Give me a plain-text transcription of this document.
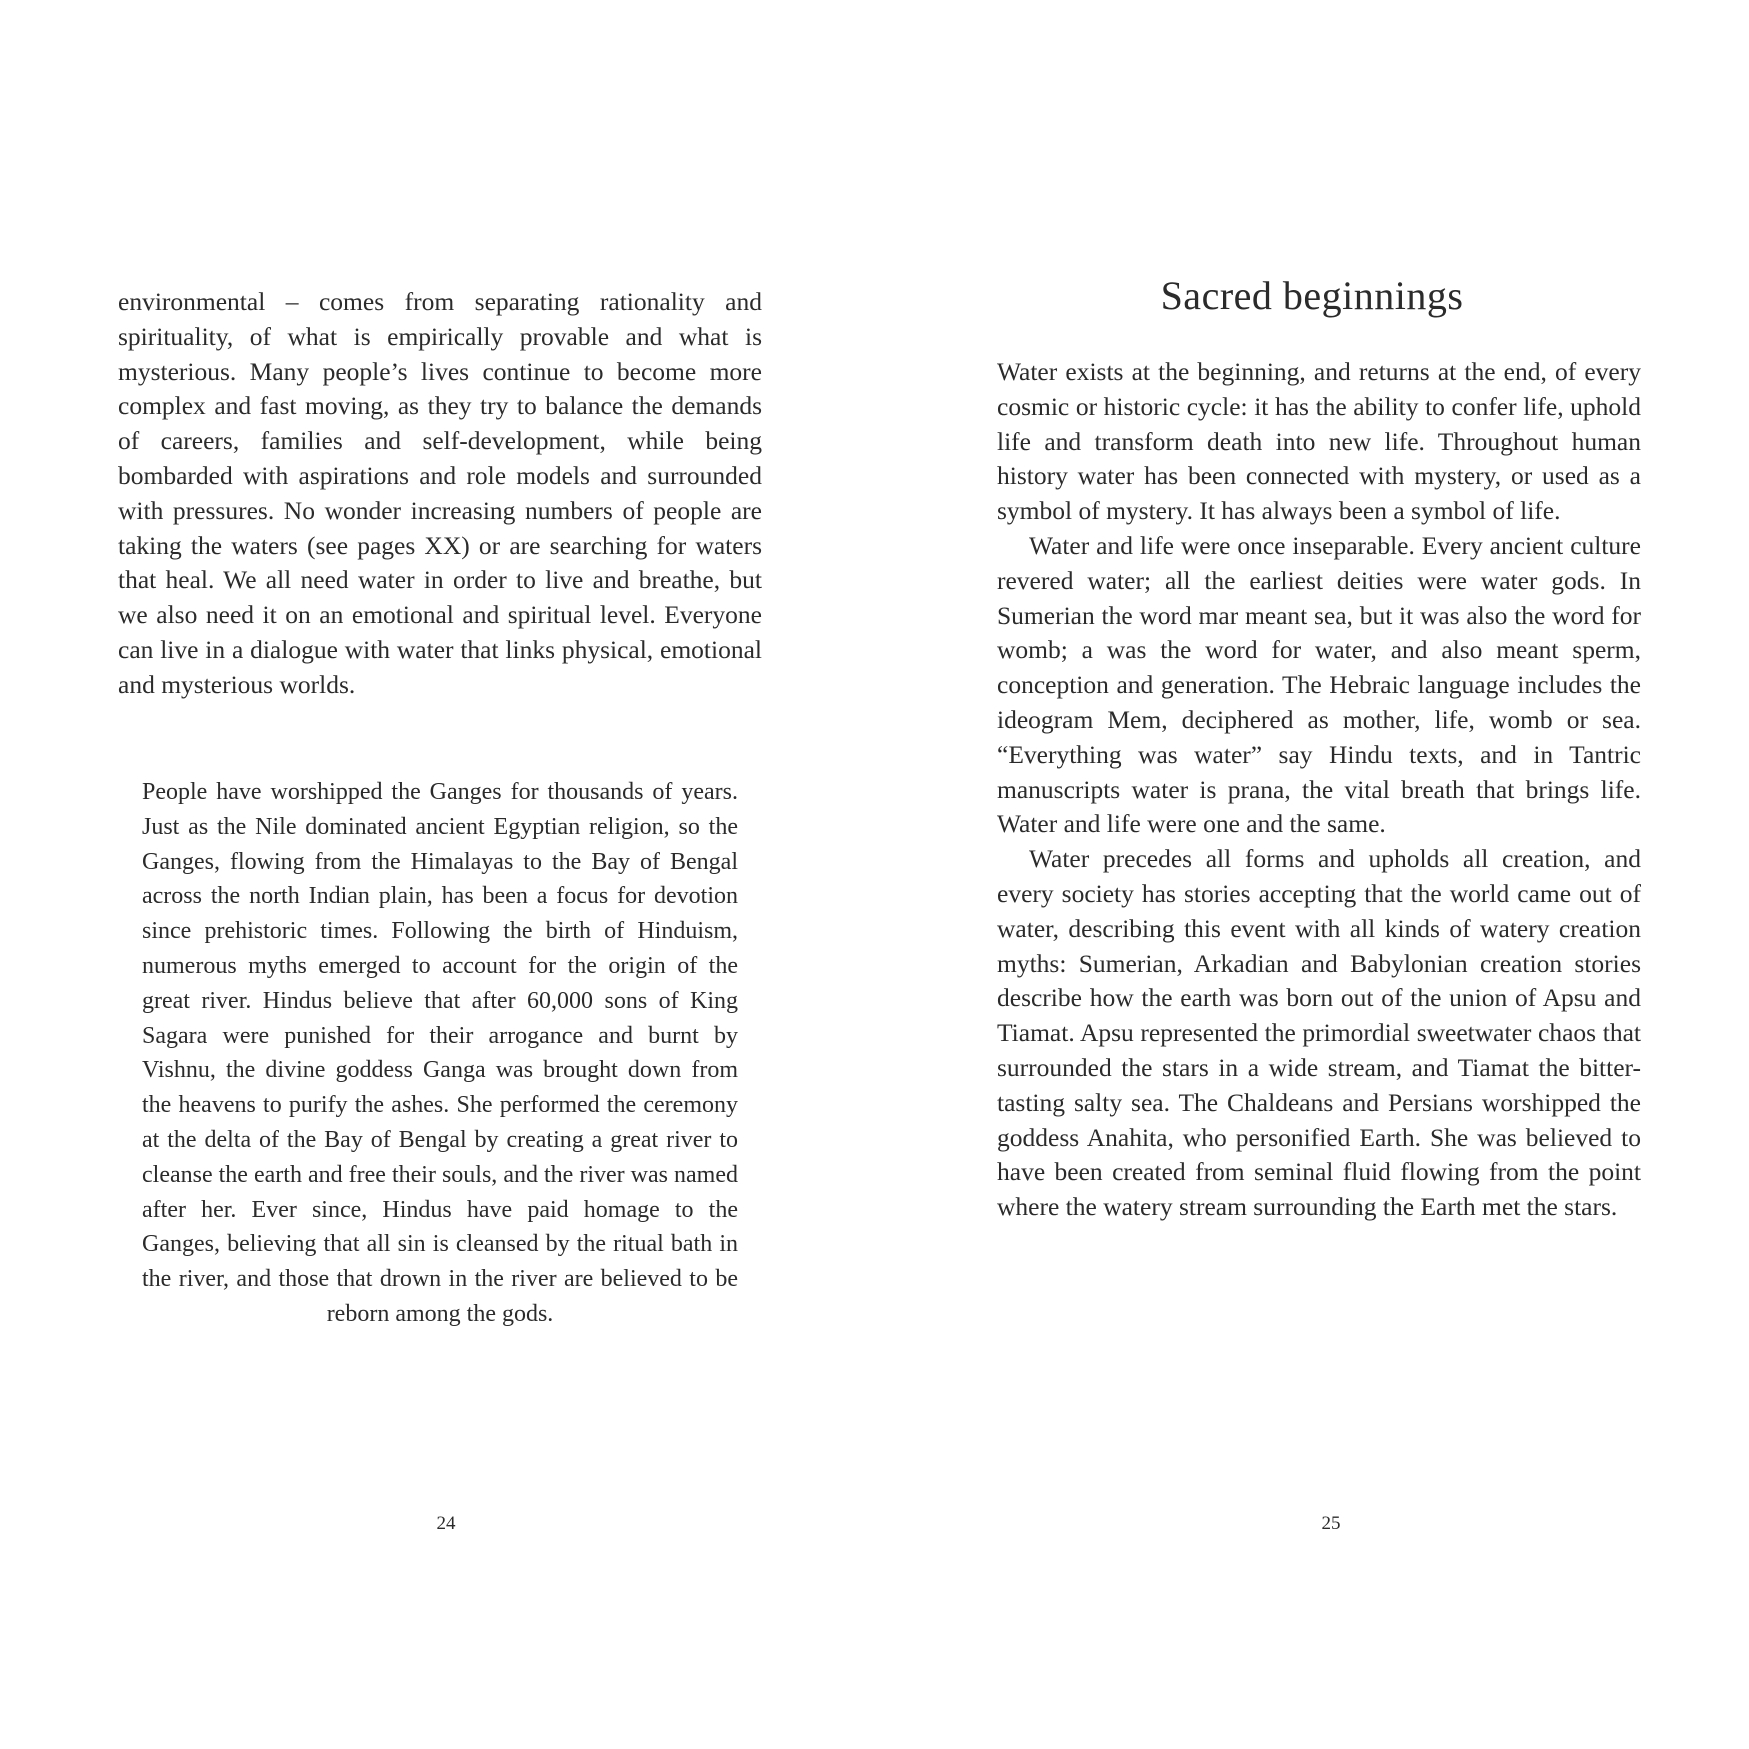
environmental – comes from separating rationality and spirituality, of what is empirically provable and what is mysterious. Many people’s lives continue to become more complex and fast moving, as they try to balance the demands of careers, families and self-development, while being bombarded with aspirations and role models and surrounded with pressures. No wonder increasing numbers of people are taking the waters (see pages XX) or are searching for waters that heal. We all need water in order to live and breathe, but we also need it on an emotional and spiritual level. Everyone can live in a dialogue with water that links physical, emotional and mysterious worlds.

People have worshipped the Ganges for thousands of years. Just as the Nile dominated ancient Egyptian religion, so the Ganges, flowing from the Himalayas to the Bay of Bengal across the north Indian plain, has been a focus for devotion since prehistoric times. Following the birth of Hinduism, numerous myths emerged to account for the origin of the great river. Hindus believe that after 60,000 sons of King Sagara were punished for their arrogance and burnt by Vishnu, the divine goddess Ganga was brought down from the heavens to purify the ashes. She performed the ceremony at the delta of the Bay of Bengal by creating a great river to cleanse the earth and free their souls, and the river was named after her. Ever since, Hindus have paid homage to the Ganges, believing that all sin is cleansed by the ritual bath in the river, and those that drown in the river are believed to be reborn among the gods.

24
Sacred beginnings

Water exists at the beginning, and returns at the end, of every cosmic or historic cycle: it has the ability to confer life, uphold life and transform death into new life. Throughout human history water has been connected with mystery, or used as a symbol of mystery. It has always been a symbol of life.

Water and life were once inseparable. Every ancient culture revered water; all the earliest deities were water gods. In Sumerian the word mar meant sea, but it was also the word for womb; a was the word for water, and also meant sperm, conception and generation. The Hebraic language includes the ideogram Mem, deciphered as mother, life, womb or sea. “Everything was water” say Hindu texts, and in Tantric manuscripts water is prana, the vital breath that brings life. Water and life were one and the same.

Water precedes all forms and upholds all creation, and every society has stories accepting that the world came out of water, describing this event with all kinds of watery creation myths: Sumerian, Arkadian and Babylonian creation stories describe how the earth was born out of the union of Apsu and Tiamat. Apsu represented the primordial sweetwater chaos that surrounded the stars in a wide stream, and Tiamat the bitter-tasting salty sea. The Chaldeans and Persians worshipped the goddess Anahita, who personified Earth. She was believed to have been created from seminal fluid flowing from the point where the watery stream surrounding the Earth met the stars.

25
